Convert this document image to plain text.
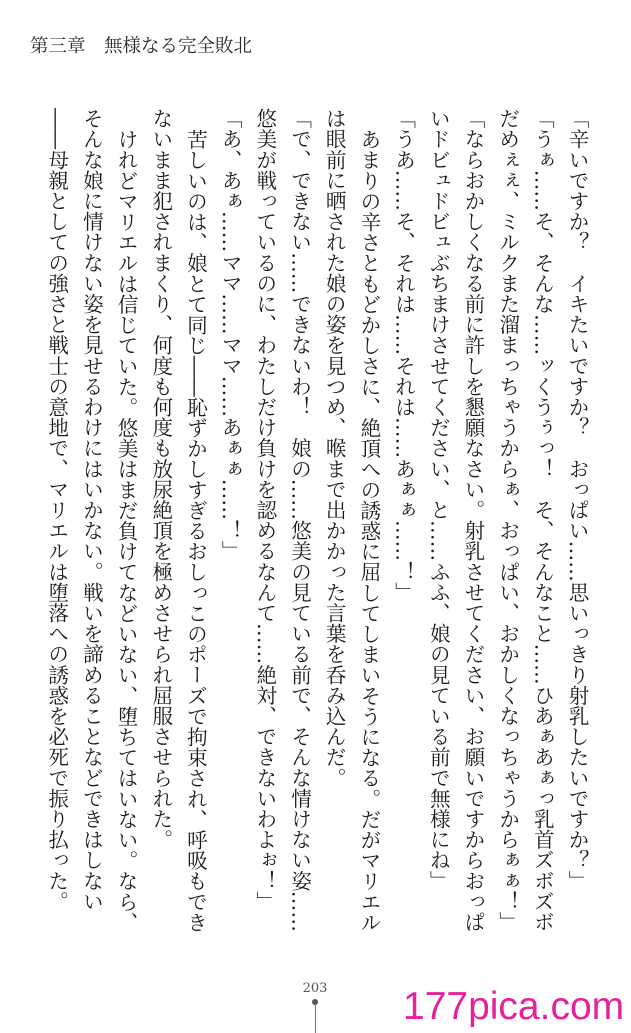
第三章　無様なる完全敗北
「辛いですか？　イキたいですか？　おっぱい……思いっきり射乳したいですか？」
「うぁ……そ、そんな……ッくうぅっ！　そ、そんなこと……ひあぁあぁっ乳首ズボズボ
だめぇぇ、ミルクまた溜まっちゃうからぁ、おっぱい、おかしくなっちゃうからぁぁ！」
「ならおかしくなる前に許しを懇願なさい。射乳させてください、お願いですからおっぱ
いドビュドビュぶちまけさせてください、と……ふふ、娘の見ている前で無様にね」
「うあ……そ、それは……それは……あぁぁ……！」
あまりの辛さともどかしさに、絶頂への誘惑に屈してしまいそうになる。だがマリエル
は眼前に晒された娘の姿を見つめ、喉まで出かかった言葉を呑み込んだ。
「で、できない……できないわ！　娘の……悠美の見ている前で、そんな情けない姿……
悠美が戦っているのに、わたしだけ負けを認めるなんて……絶対、できないわよぉ！」
「あ、あぁ……ママ……ママ……あぁぁ……！」
苦しいのは、娘とて同じ――恥ずかしすぎるおしっこのポーズで拘束され、呼吸もでき
ないまま犯されまくり、何度も何度も放尿絶頂を極めさせられ屈服させられた。
けれどマリエルは信じていた。悠美はまだ負けてなどいない、堕ちてはいない。なら、
そんな娘に情けない姿を見せるわけにはいかない。戦いを諦めることなどできはしない
――母親としての強さと戦士の意地で、マリエルは堕落への誘惑を必死で振り払った。
203	177pica.com
